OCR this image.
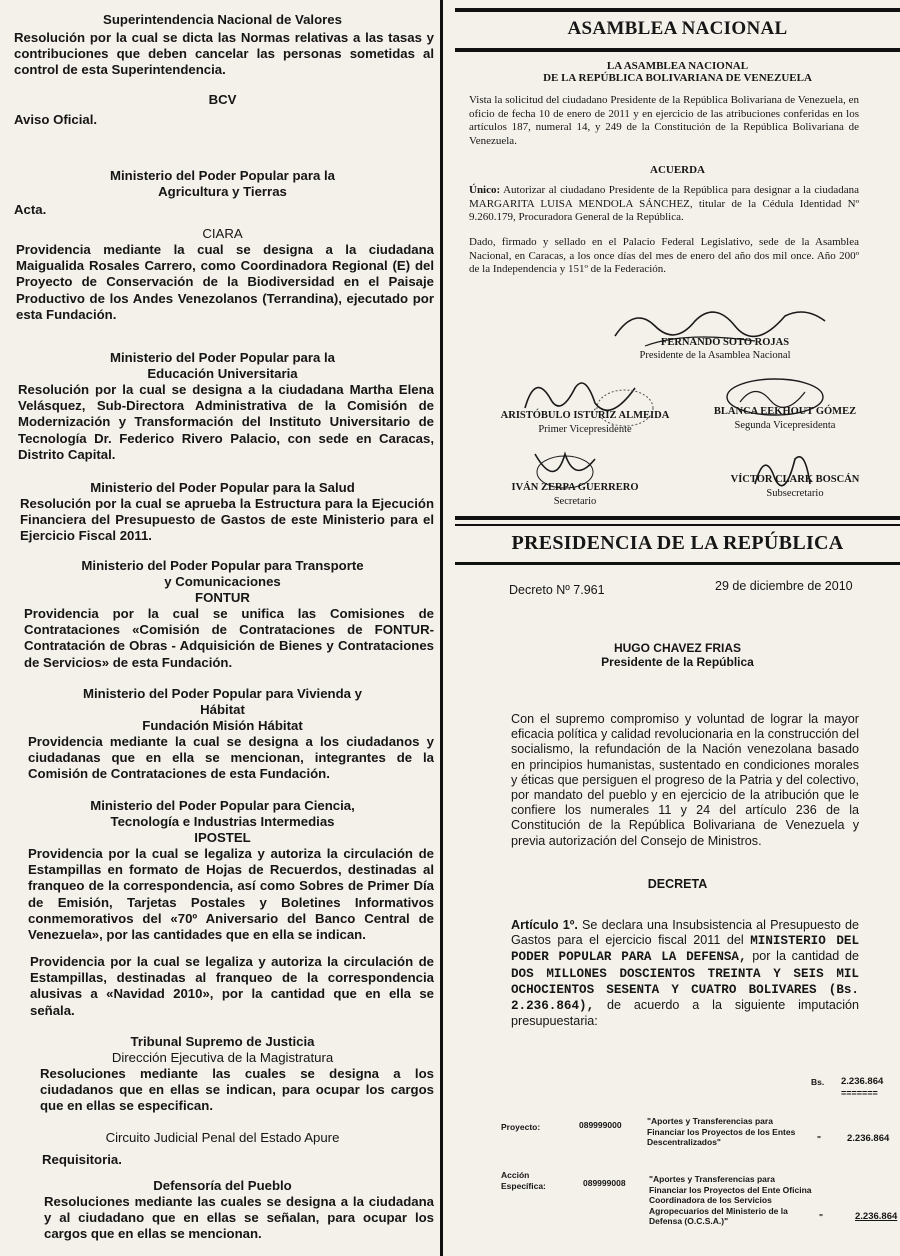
Superintendencia Nacional de Valores
Resolución por la cual se dicta las Normas relativas a las tasas y contribuciones que deben cancelar las personas sometidas al control de esta Superintendencia.
BCV
Aviso Oficial.
Ministerio del Poder Popular para la Agricultura y Tierras
Acta.
CIARA
Providencia mediante la cual se designa a la ciudadana Maigualida Rosales Carrero, como Coordinadora Regional (E) del Proyecto de Conservación de la Biodiversidad en el Paisaje Productivo de los Andes Venezolanos (Terrandina), ejecutado por esta Fundación.
Ministerio del Poder Popular para la Educación Universitaria
Resolución por la cual se designa a la ciudadana Martha Elena Velásquez, Sub-Directora Administrativa de la Comisión de Modernización y Transformación del Instituto Universitario de Tecnología Dr. Federico Rivero Palacio, con sede en Caracas, Distrito Capital.
Ministerio del Poder Popular para la Salud
Resolución por la cual se aprueba la Estructura para la Ejecución Financiera del Presupuesto de Gastos de este Ministerio para el Ejercicio Fiscal 2011.
Ministerio del Poder Popular para Transporte y Comunicaciones
FONTUR
Providencia por la cual se unifica las Comisiones de Contrataciones «Comisión de Contrataciones de FONTUR-Contratación de Obras - Adquisición de Bienes y Contrataciones de Servicios» de esta Fundación.
Ministerio del Poder Popular para Vivienda y Hábitat
Fundación Misión Hábitat
Providencia mediante la cual se designa a los ciudadanos y ciudadanas que en ella se mencionan, integrantes de la Comisión de Contrataciones de esta Fundación.
Ministerio del Poder Popular para Ciencia, Tecnología e Industrias Intermedias
IPOSTEL
Providencia por la cual se legaliza y autoriza la circulación de Estampillas en formato de Hojas de Recuerdos, destinadas al franqueo de la correspondencia, así como Sobres de Primer Día de Emisión, Tarjetas Postales y Boletines Informativos conmemorativos del «70º Aniversario del Banco Central de Venezuela», por las cantidades que en ella se indican.
Providencia por la cual se legaliza y autoriza la circulación de Estampillas, destinadas al franqueo de la correspondencia alusivas a «Navidad 2010», por la cantidad que en ella se señala.
Tribunal Supremo de Justicia
Dirección Ejecutiva de la Magistratura
Resoluciones mediante las cuales se designa a los ciudadanos que en ellas se indican, para ocupar los cargos que en ellas se especifican.
Circuito Judicial Penal del Estado Apure
Requisitoria.
Defensoría del Pueblo
Resoluciones mediante las cuales se designa a la ciudadana y al ciudadano que en ellas se señalan, para ocupar los cargos que en ellas se mencionan.
ASAMBLEA NACIONAL
LA ASAMBLEA NACIONAL
DE LA REPÚBLICA BOLIVARIANA DE VENEZUELA
Vista la solicitud del ciudadano Presidente de la República Bolivariana de Venezuela, en oficio de fecha 10 de enero de 2011 y en ejercicio de las atribuciones conferidas en los artículos 187, numeral 14, y 249 de la Constitución de la República Bolivariana de Venezuela.
ACUERDA
Único: Autorizar al ciudadano Presidente de la República para designar a la ciudadana MARGARITA LUISA MENDOLA SÁNCHEZ, titular de la Cédula Identidad Nº 9.260.179, Procuradora General de la República.
Dado, firmado y sellado en el Palacio Federal Legislativo, sede de la Asamblea Nacional, en Caracas, a los once días del mes de enero del año dos mil once. Año 200º de la Independencia y 151º de la Federación.
FERNANDO SOTO ROJAS
Presidente de la Asamblea Nacional
ARISTÓBULO ISTÚRIZ ALMEIDA
Primer Vicepresidente
BLANCA EEKHOUT GÓMEZ
Segunda Vicepresidenta
IVÁN ZERPA GUERRERO
Secretario
VÍCTOR CLARK BOSCÁN
Subsecretario
PRESIDENCIA DE LA REPÚBLICA
Decreto Nº 7.961	29 de diciembre de 2010
HUGO CHAVEZ FRIAS
Presidente de la República
Con el supremo compromiso y voluntad de lograr la mayor eficacia política y calidad revolucionaria en la construcción del socialismo, la refundación de la Nación venezolana basado en principios humanistas, sustentado en condiciones morales y éticas que persiguen el progreso de la Patria y del colectivo, por mandato del pueblo y en ejercicio de la atribución que le confiere los numerales 11 y 24 del artículo 236 de la Constitución de la República Bolivariana de Venezuela y previa autorización del Consejo de Ministros.
DECRETA
Artículo 1º. Se declara una Insubsistencia al Presupuesto de Gastos para el ejercicio fiscal 2011 del MINISTERIO DEL PODER POPULAR PARA LA DEFENSA, por la cantidad de DOS MILLONES DOSCIENTOS TREINTA Y SEIS MIL OCHOCIENTOS SESENTA Y CUATRO BOLIVARES (Bs. 2.236.864), de acuerdo a la siguiente imputación presupuestaria:
Bs. 2.236.864
=======
Proyecto:	089999000	"Aportes y Transferencias para Financiar los Proyectos de los Entes Descentralizados"	"	2.236.864
Acción Específica:	089999008	"Aportes y Transferencias para Financiar los Proyectos del Ente Oficina Coordinadora de los Servicios Agropecuarios del Ministerio de la Defensa (O.C.S.A.)"	"	2.236.864
